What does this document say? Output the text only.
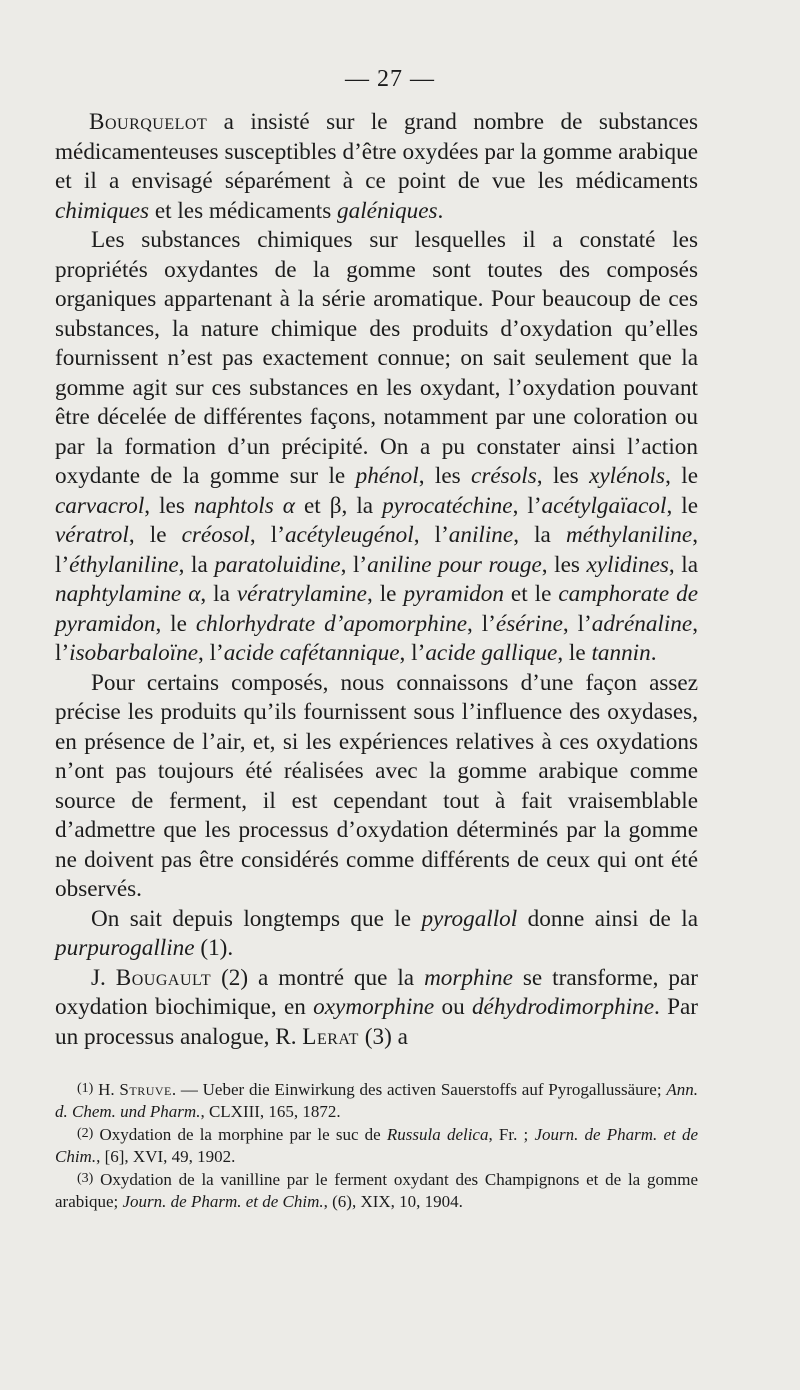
— 27 —

Bourquelot a insisté sur le grand nombre de substances médicamenteuses susceptibles d’être oxydées par la gomme arabique et il a envisagé séparément à ce point de vue les médicaments chimiques et les médicaments galéniques.

Les substances chimiques sur lesquelles il a constaté les propriétés oxydantes de la gomme sont toutes des composés organiques appartenant à la série aromatique. Pour beaucoup de ces substances, la nature chimique des produits d’oxydation qu’elles fournissent n’est pas exactement connue; on sait seulement que la gomme agit sur ces substances en les oxydant, l’oxydation pouvant être décelée de différentes façons, notamment par une coloration ou par la formation d’un précipité. On a pu constater ainsi l’action oxydante de la gomme sur le phénol, les crésols, les xylénols, le carvacrol, les naphtols α et β, la pyrocatéchine, l’acétylgaïacol, le vératrol, le créosol, l’acétyleugénol, l’aniline, la méthylaniline, l’éthylaniline, la paratoluidine, l’aniline pour rouge, les xylidines, la naphtylamine α, la vératrylamine, le pyramidon et le camphorate de pyramidon, le chlorhydrate d’apomorphine, l’ésérine, l’adrénaline, l’isobarbaloïne, l’acide cafétannique, l’acide gallique, le tannin.

Pour certains composés, nous connaissons d’une façon assez précise les produits qu’ils fournissent sous l’influence des oxydases, en présence de l’air, et, si les expériences relatives à ces oxydations n’ont pas toujours été réalisées avec la gomme arabique comme source de ferment, il est cependant tout à fait vraisemblable d’admettre que les processus d’oxydation déterminés par la gomme ne doivent pas être considérés comme différents de ceux qui ont été observés.

On sait depuis longtemps que le pyrogallol donne ainsi de la purpurogalline (1).

J. Bougault (2) a montré que la morphine se transforme, par oxydation biochimique, en oxymorphine ou déhydrodimorphine. Par un processus analogue, R. Lerat (3) a

(1) H. Struve. — Ueber die Einwirkung des activen Sauerstoffs auf Pyrogallussäure; Ann. d. Chem. und Pharm., CLXIII, 165, 1872.

(2) Oxydation de la morphine par le suc de Russula delica, Fr. ; Journ. de Pharm. et de Chim., [6], XVI, 49, 1902.

(3) Oxydation de la vanilline par le ferment oxydant des Champignons et de la gomme arabique; Journ. de Pharm. et de Chim., (6), XIX, 10, 1904.
